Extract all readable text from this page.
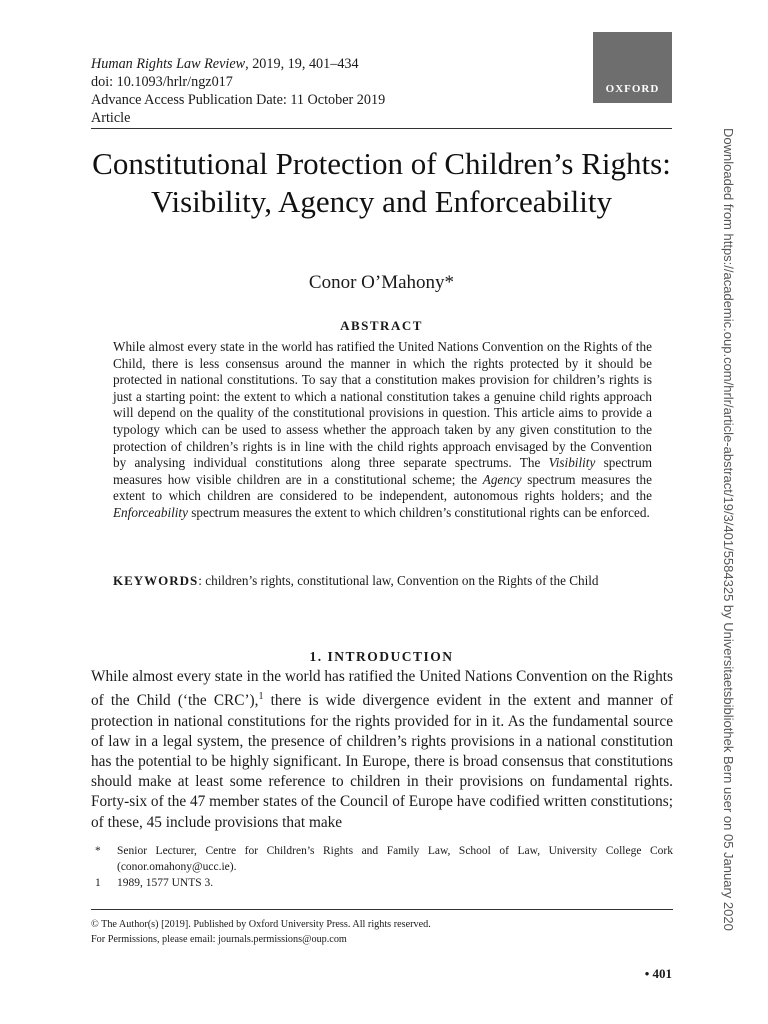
Human Rights Law Review, 2019, 19, 401–434
doi: 10.1093/hrlr/ngz017
Advance Access Publication Date: 11 October 2019
Article
OXFORD
Constitutional Protection of Children’s Rights: Visibility, Agency and Enforceability
Conor O’Mahony*
ABSTRACT
While almost every state in the world has ratified the United Nations Convention on the Rights of the Child, there is less consensus around the manner in which the rights protected by it should be protected in national constitutions. To say that a constitution makes provision for children’s rights is just a starting point: the extent to which a national constitution takes a genuine child rights approach will depend on the quality of the constitutional provisions in question. This article aims to provide a typology which can be used to assess whether the approach taken by any given constitution to the protection of children’s rights is in line with the child rights approach envisaged by the Convention by analysing individual constitutions along three separate spectrums. The Visibility spectrum measures how visible children are in a constitutional scheme; the Agency spectrum measures the extent to which children are considered to be independent, autonomous rights holders; and the Enforceability spectrum measures the extent to which children’s constitutional rights can be enforced.
KEYWORDS: children’s rights, constitutional law, Convention on the Rights of the Child
1. INTRODUCTION
While almost every state in the world has ratified the United Nations Convention on the Rights of the Child (‘the CRC’),$^1$ there is wide divergence evident in the extent and manner of protection in national constitutions for the rights provided for in it. As the fundamental source of law in a legal system, the presence of children’s rights provisions in a national constitution has the potential to be highly significant. In Europe, there is broad consensus that constitutions should make at least some reference to children in their provisions on fundamental rights. Forty-six of the 47 member states of the Council of Europe have codified written constitutions; of these, 45 include provisions that make
*	Senior Lecturer, Centre for Children’s Rights and Family Law, School of Law, University College Cork (conor.omahony@ucc.ie).
1	1989, 1577 UNTS 3.
© The Author(s) [2019]. Published by Oxford University Press. All rights reserved.
For Permissions, please email: journals.permissions@oup.com
• 401
Downloaded from https://academic.oup.com/hrlr/article-abstract/19/3/401/5584325 by Universitaetsbibliothek Bern user on 05 January 2020
